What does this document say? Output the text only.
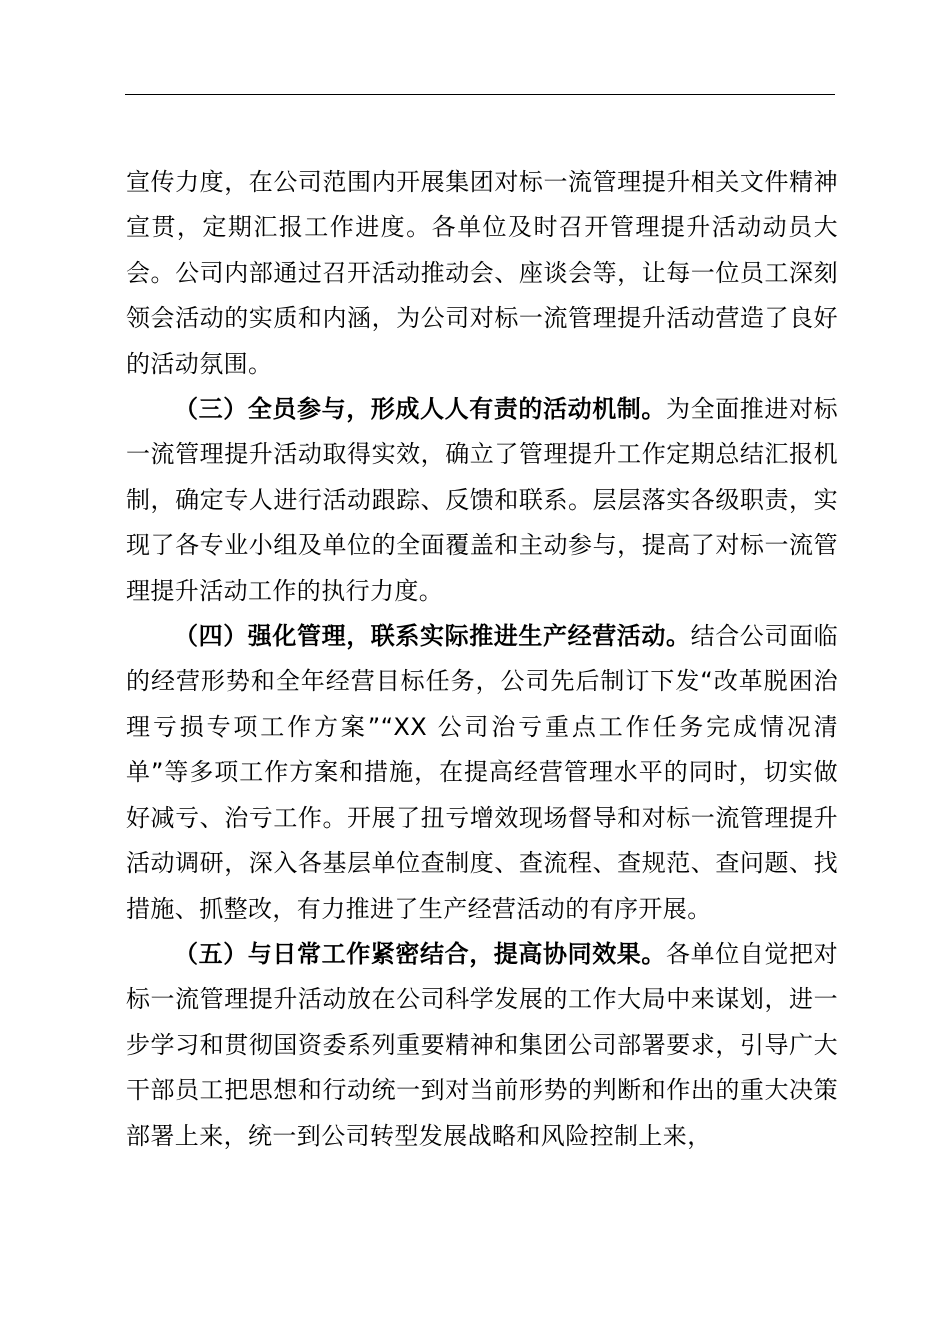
宣传力度，在公司范围内开展集团对标一流管理提升相关文件精神宣贯，定期汇报工作进度。各单位及时召开管理提升活动动员大会。公司内部通过召开活动推动会、座谈会等，让每一位员工深刻领会活动的实质和内涵，为公司对标一流管理提升活动营造了良好的活动氛围。

（三）全员参与，形成人人有责的活动机制。为全面推进对标一流管理提升活动取得实效，确立了管理提升工作定期总结汇报机制，确定专人进行活动跟踪、反馈和联系。层层落实各级职责，实现了各专业小组及单位的全面覆盖和主动参与，提高了对标一流管理提升活动工作的执行力度。

（四）强化管理，联系实际推进生产经营活动。结合公司面临的经营形势和全年经营目标任务，公司先后制订下发“改革脱困治理亏损专项工作方案”“XX 公司治亏重点工作任务完成情况清单”等多项工作方案和措施，在提高经营管理水平的同时，切实做好减亏、治亏工作。开展了扭亏增效现场督导和对标一流管理提升活动调研，深入各基层单位查制度、查流程、查规范、查问题、找措施、抓整改，有力推进了生产经营活动的有序开展。

（五）与日常工作紧密结合，提高协同效果。各单位自觉把对标一流管理提升活动放在公司科学发展的工作大局中来谋划，进一步学习和贯彻国资委系列重要精神和集团公司部署要求，引导广大干部员工把思想和行动统一到对当前形势的判断和作出的重大决策部署上来，统一到公司转型发展战略和风险控制上来，
